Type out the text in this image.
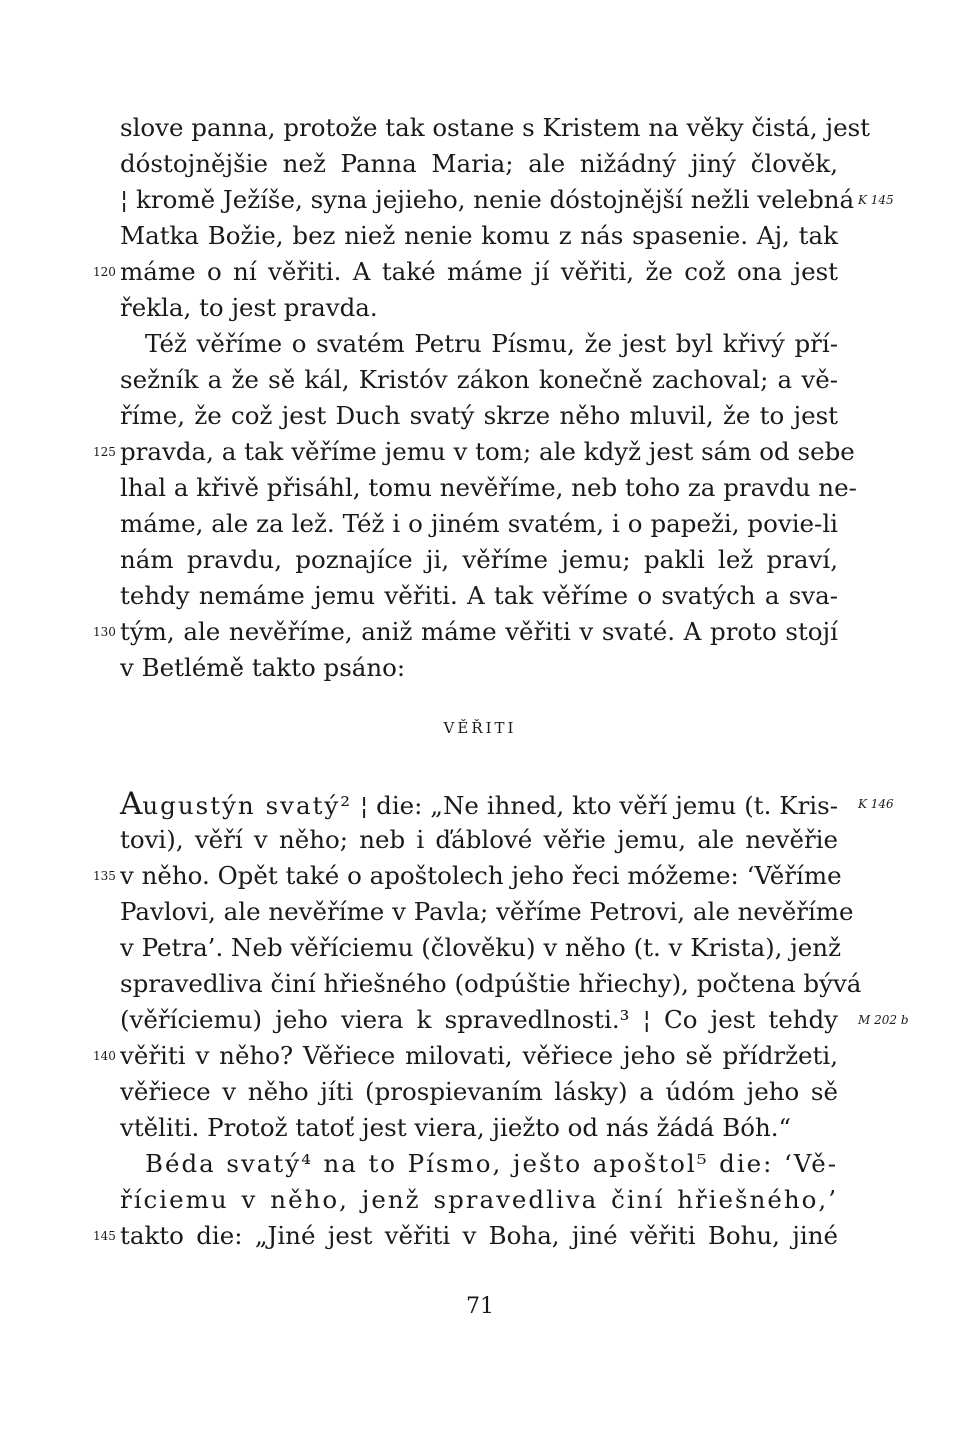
slove panna, protože tak ostane s Kristem na věky čistá, jest
dóstojnějšie než Panna Maria; ale nižádný jiný člověk,
¦ kromě Ježíše, syna jejieho, nenie dóstojnější nežli velebná K 145
Matka Božie, bez niež nenie komu z nás spasenie. Aj, tak
máme o ní věřiti. A také máme jí věřiti, že což ona jest
120
řekla, to jest pravda.
Též věříme o svatém Petru Písmu, že jest byl křivý pří-
sežník a že sě kál, Kristóv zákon konečně zachoval; a vě-
říme, že což jest Duch svatý skrze něho mluvil, že to jest
pravda, a tak věříme jemu v tom; ale když jest sám od sebe
125
lhal a křivě přisáhl, tomu nevěříme, neb toho za pravdu ne-
máme, ale za lež. Též i o jiném svatém, i o papeži, povie-li
nám pravdu, poznajíce ji, věříme jemu; pakli lež praví,
tehdy nemáme jemu věřiti. A tak věříme o svatých a sva-
tým, ale nevěříme, aniž máme věřiti v svaté. A proto stojí
130
v Betlémě takto psáno:
VĚŘITI
Augustýn svatý² ¦ die: „Ne ihned, kto věří jemu (t. Kris- K 146
tovi), věří v něho; neb i ďáblové věřie jemu, ale nevěřie
v něho. Opět také o apoštolech jeho řeci móžeme: ‘Věříme
135
Pavlovi, ale nevěříme v Pavla; věříme Petrovi, ale nevěříme
v Petra’. Neb věříciemu (člověku) v něho (t. v Krista), jenž
spravedliva činí hřiešného (odpúštie hřiechy), počtena bývá
(věříciemu) jeho viera k spravedlnosti.³ ¦ Co jest tehdy M 202 b
věřiti v něho? Věřiece milovati, věřiece jeho sě přídržeti,
140
věřiece v něho jíti (prospievaním lásky) a údóm jeho sě
vtěliti. Protož tatoť jest viera, jiežto od nás žádá Bóh.“
Béda svatý⁴ na to Písmo, ješto apoštol⁵ die: ‘Vě-
říciemu v něho, jenž spravedliva činí hřiešného,’
takto die: „Jiné jest věřiti v Boha, jiné věřiti Bohu, jiné
145
71
